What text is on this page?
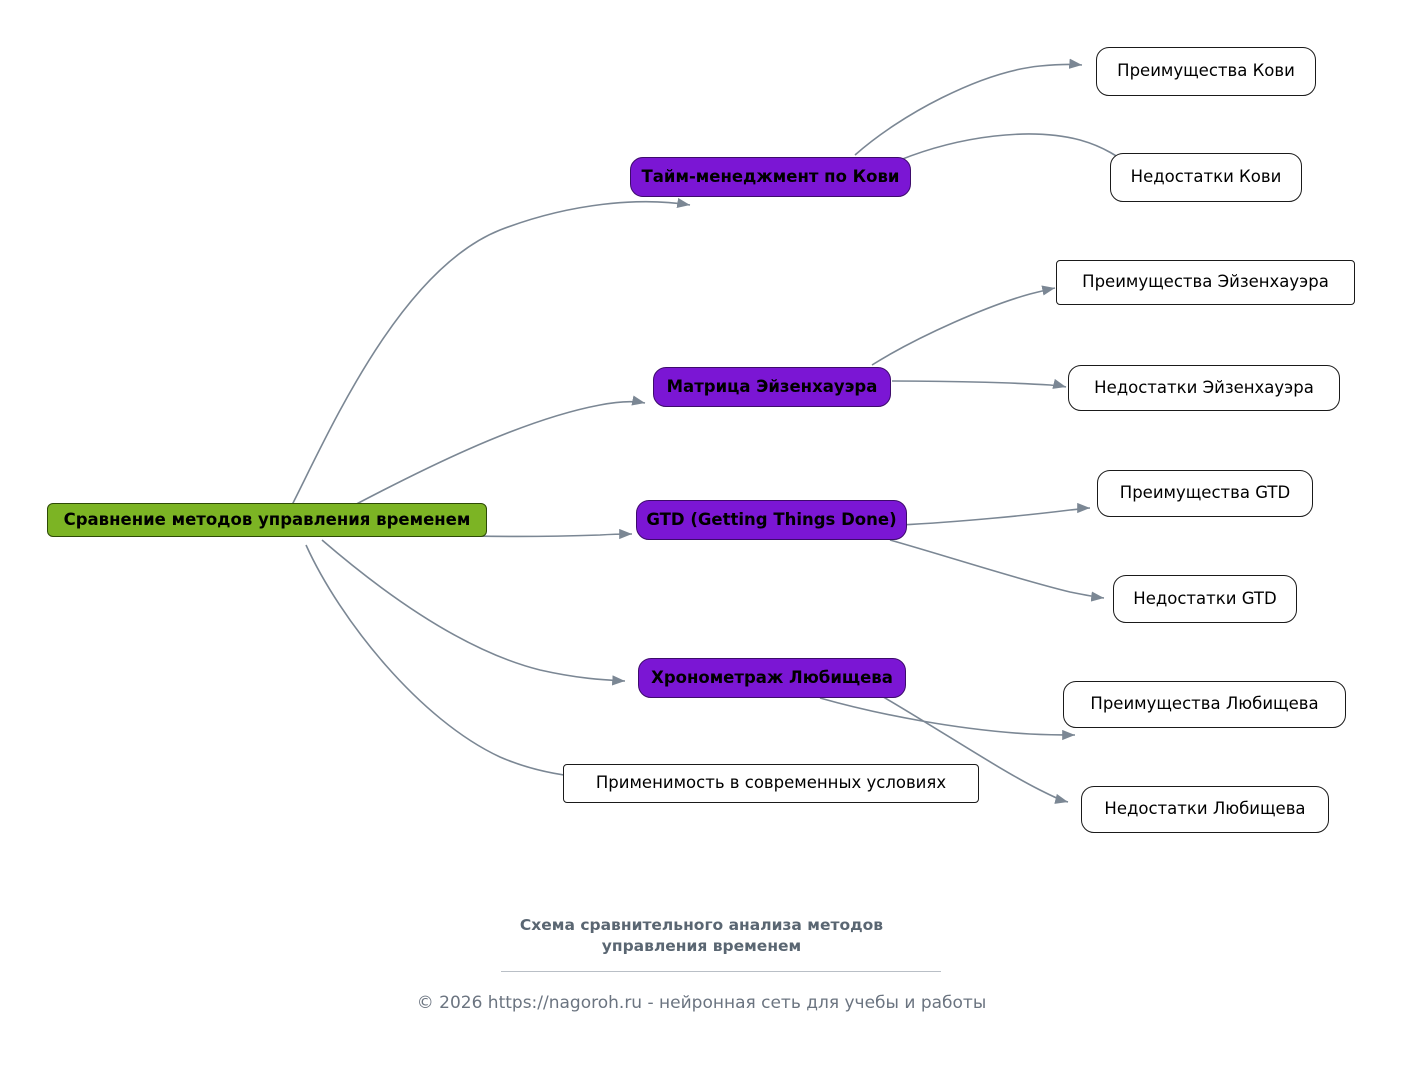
Сравнение методов управления временем
Тайм-менеджмент по Кови
Матрица Эйзенхауэра
GTD (Getting Things Done)
Хронометраж Любищева
Применимость в современных условиях
Преимущества Кови
Недостатки Кови
Преимущества Эйзенхауэра
Недостатки Эйзенхауэра
Преимущества GTD
Недостатки GTD
Преимущества Любищева
Недостатки Любищева
Схема сравнительного анализа методов
управления временем
© 2026 https://nagoroh.ru - нейронная сеть для учебы и работы
